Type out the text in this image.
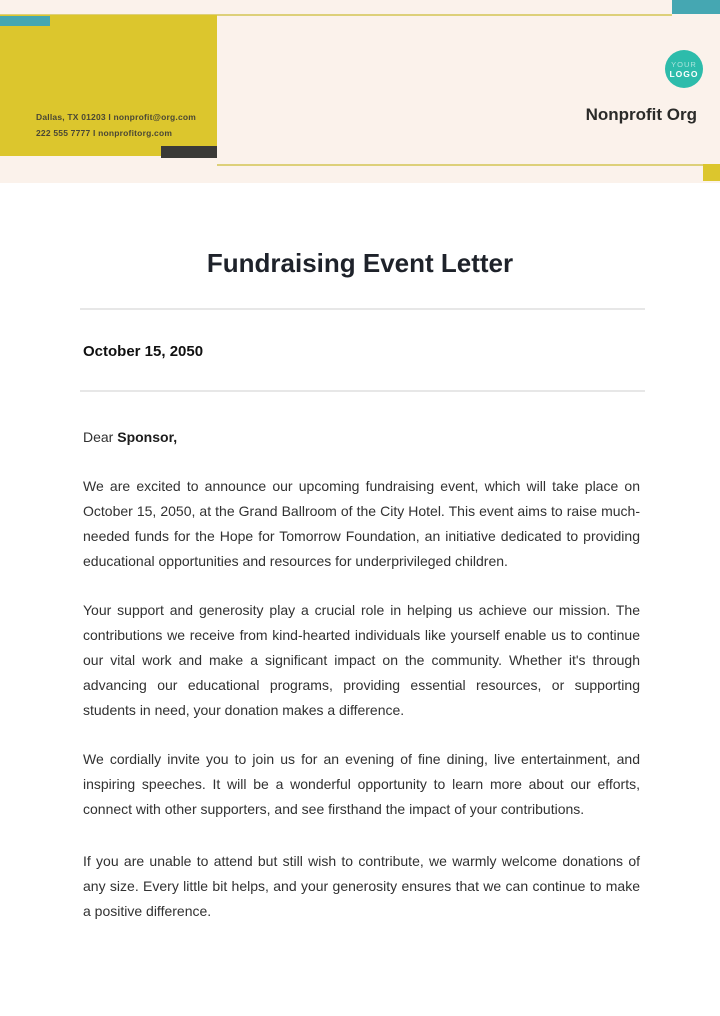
Dallas, TX 01203 I nonprofit@org.com
222 555 7777 I nonprofitorg.com
YOUR
LOGO
Nonprofit Org
Fundraising Event Letter
October 15, 2050

Dear Sponsor,

We are excited to announce our upcoming fundraising event, which will take place on October 15, 2050, at the Grand Ballroom of the City Hotel. This event aims to raise much-needed funds for the Hope for Tomorrow Foundation, an initiative dedicated to providing educational opportunities and resources for underprivileged children.

Your support and generosity play a crucial role in helping us achieve our mission. The contributions we receive from kind-hearted individuals like yourself enable us to continue our vital work and make a significant impact on the community. Whether it's through advancing our educational programs, providing essential resources, or supporting students in need, your donation makes a difference.

We cordially invite you to join us for an evening of fine dining, live entertainment, and inspiring speeches. It will be a wonderful opportunity to learn more about our efforts, connect with other supporters, and see firsthand the impact of your contributions.

If you are unable to attend but still wish to contribute, we warmly welcome donations of any size. Every little bit helps, and your generosity ensures that we can continue to make a positive difference.
